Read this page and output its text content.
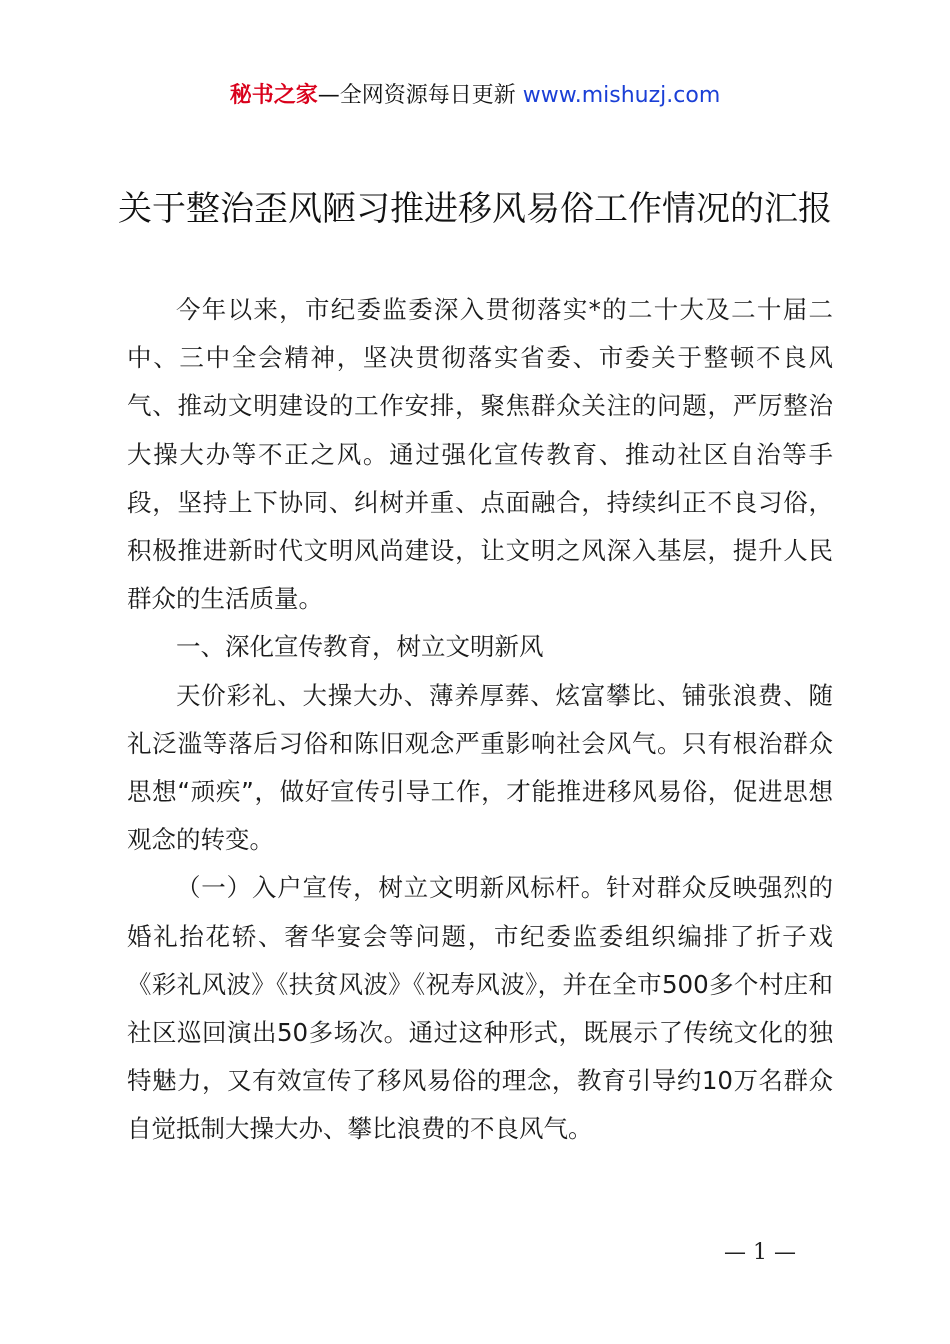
秘书之家—全网资源每日更新 www.mishuzj.com
关于整治歪风陋习推进移风易俗工作情况的汇报

今年以来，市纪委监委深入贯彻落实*的二十大及二十届二中、三中全会精神，坚决贯彻落实省委、市委关于整顿不良风气、推动文明建设的工作安排，聚焦群众关注的问题，严厉整治大操大办等不正之风。通过强化宣传教育、推动社区自治等手段，坚持上下协同、纠树并重、点面融合，持续纠正不良习俗，积极推进新时代文明风尚建设，让文明之风深入基层，提升人民群众的生活质量。

一、深化宣传教育，树立文明新风

天价彩礼、大操大办、薄养厚葬、炫富攀比、铺张浪费、随礼泛滥等落后习俗和陈旧观念严重影响社会风气。只有根治群众思想“顽疾”，做好宣传引导工作，才能推进移风易俗，促进思想观念的转变。

（一）入户宣传，树立文明新风标杆。针对群众反映强烈的婚礼抬花轿、奢华宴会等问题，市纪委监委组织编排了折子戏《彩礼风波》《扶贫风波》《祝寿风波》，并在全市500多个村庄和社区巡回演出50多场次。通过这种形式，既展示了传统文化的独特魅力，又有效宣传了移风易俗的理念，教育引导约10万名群众自觉抵制大操大办、攀比浪费的不良风气。

— 1 —
